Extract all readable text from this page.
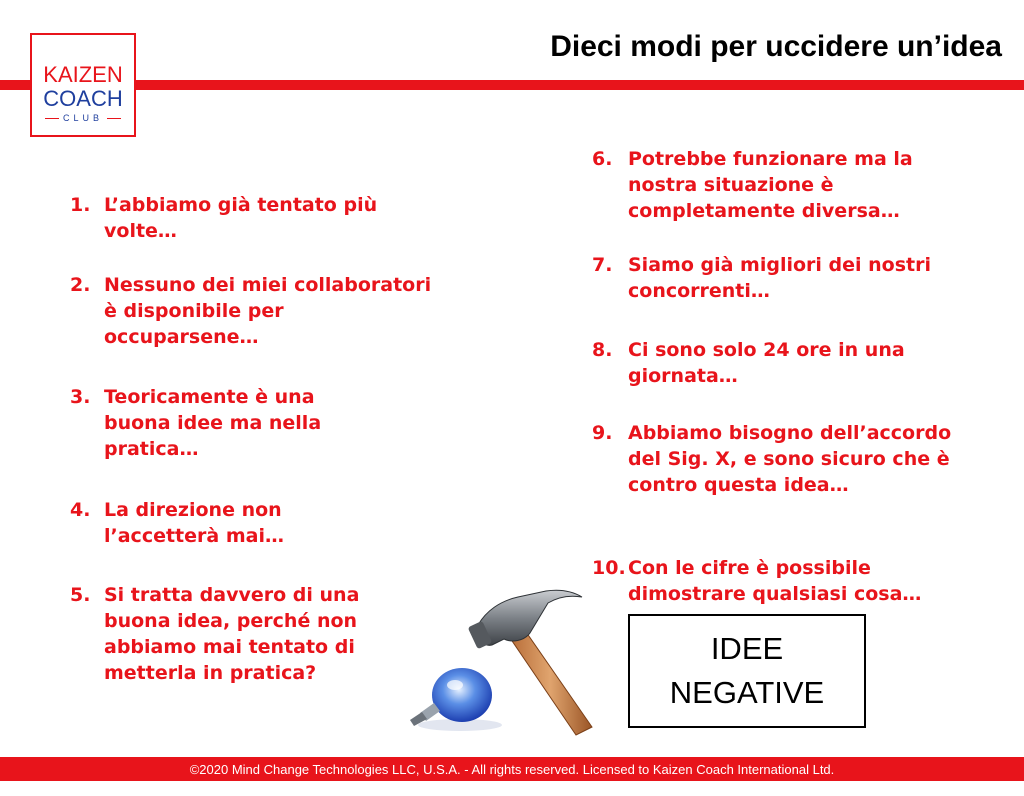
KAIZEN
COACH
CLUB
Dieci modi per uccidere un’idea
1. L’abbiamo già tentato più volte…
2. Nessuno dei miei collaboratori è disponibile per occuparsene…
3. Teoricamente è una buona idee ma nella pratica…
4. La direzione non l’accetterà mai…
5. Si tratta davvero di una buona idea, perché non abbiamo mai tentato di metterla in pratica?
6. Potrebbe funzionare ma la nostra situazione è completamente diversa…
7. Siamo già migliori dei nostri concorrenti…
8. Ci sono solo 24 ore in una giornata…
9. Abbiamo bisogno dell’accordo del Sig. X, e sono sicuro che è contro questa idea…
10. Con le cifre è possibile dimostrare qualsiasi cosa…
IDEE
NEGATIVE
©2020 Mind Change Technologies LLC, U.S.A. - All rights reserved. Licensed to Kaizen Coach International Ltd.
